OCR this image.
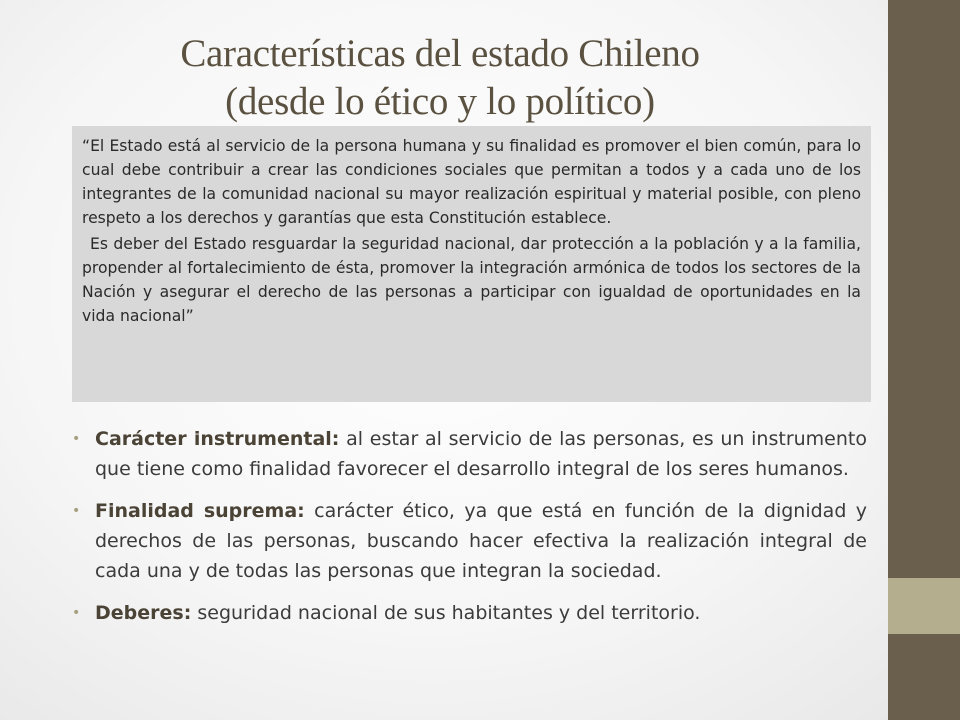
Características del estado Chileno
(desde lo ético y lo político)

“El Estado está al servicio de la persona humana y su finalidad es promover el bien común, para lo cual debe contribuir a crear las condiciones sociales que permitan a todos y a cada uno de los integrantes de la comunidad nacional su mayor realización espiritual y material posible, con pleno respeto a los derechos y garantías que esta Constitución establece.

Es deber del Estado resguardar la seguridad nacional, dar protección a la población y a la familia, propender al fortalecimiento de ésta, promover la integración armónica de todos los sectores de la Nación y asegurar el derecho de las personas a participar con igualdad de oportunidades en la vida nacional”

• Carácter instrumental: al estar al servicio de las personas, es un instrumento que tiene como finalidad favorecer el desarrollo integral de los seres humanos.
• Finalidad suprema: carácter ético, ya que está en función de la dignidad y derechos de las personas, buscando hacer efectiva la realización integral de cada una y de todas las personas que integran la sociedad.
• Deberes: seguridad nacional de sus habitantes y del territorio.
